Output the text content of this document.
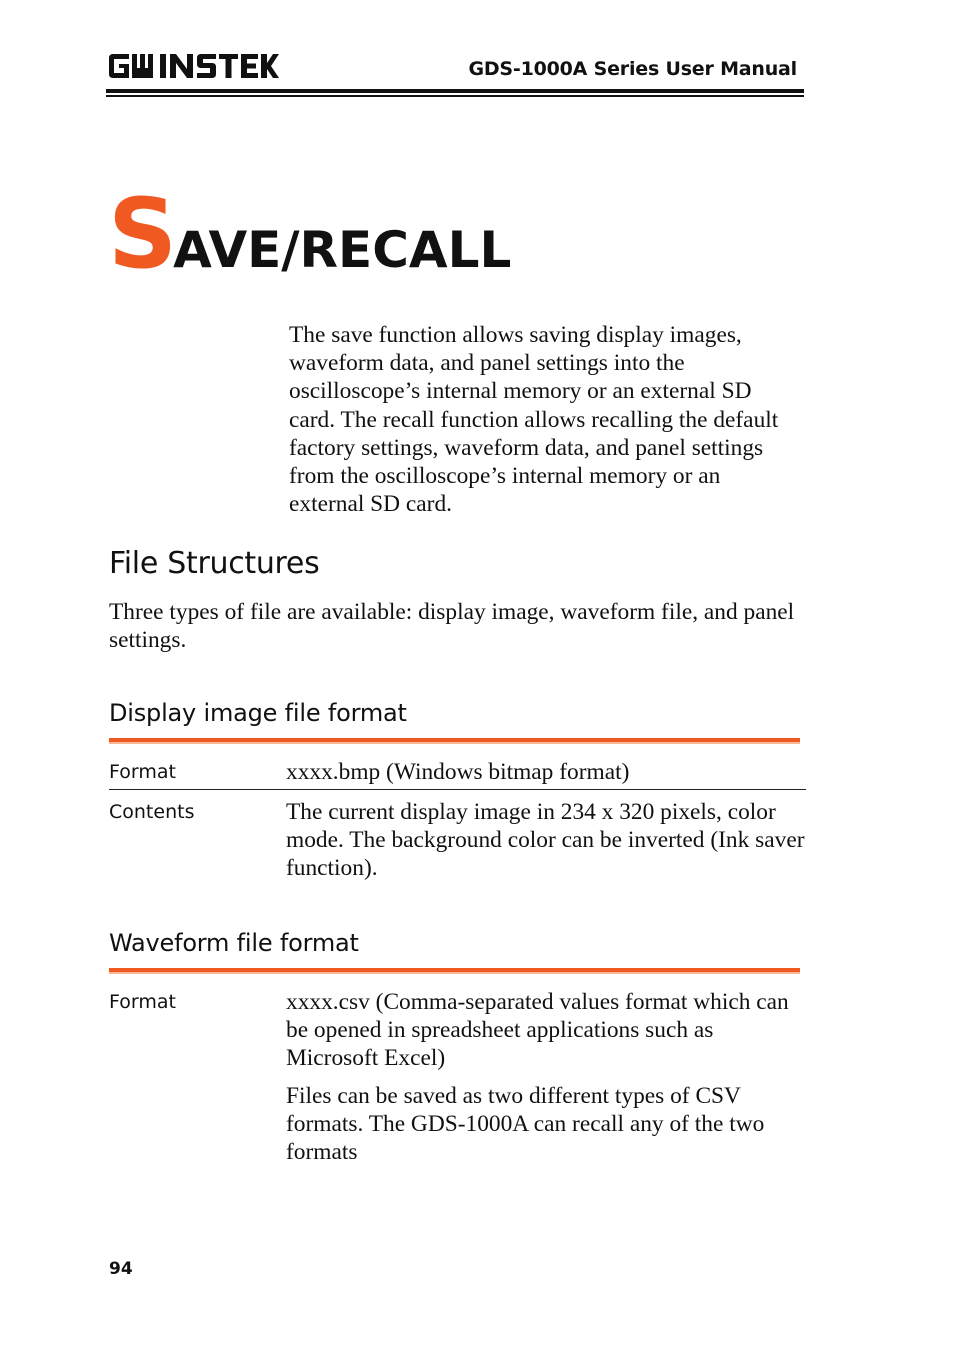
GDS-1000A Series User Manual
SAVE/RECALL
The save function allows saving display images, waveform data, and panel settings into the oscilloscope’s internal memory or an external SD card. The recall function allows recalling the default factory settings, waveform data, and panel settings from the oscilloscope’s internal memory or an external SD card.
File Structures
Three types of file are available: display image, waveform file, and panel settings.
Display image file format
Format	xxxx.bmp (Windows bitmap format)
Contents	The current display image in 234 x 320 pixels, color mode. The background color can be inverted (Ink saver function).
Waveform file format
Format	xxxx.csv (Comma-separated values format which can be opened in spreadsheet applications such as Microsoft Excel)
Files can be saved as two different types of CSV formats. The GDS-1000A can recall any of the two formats
94
